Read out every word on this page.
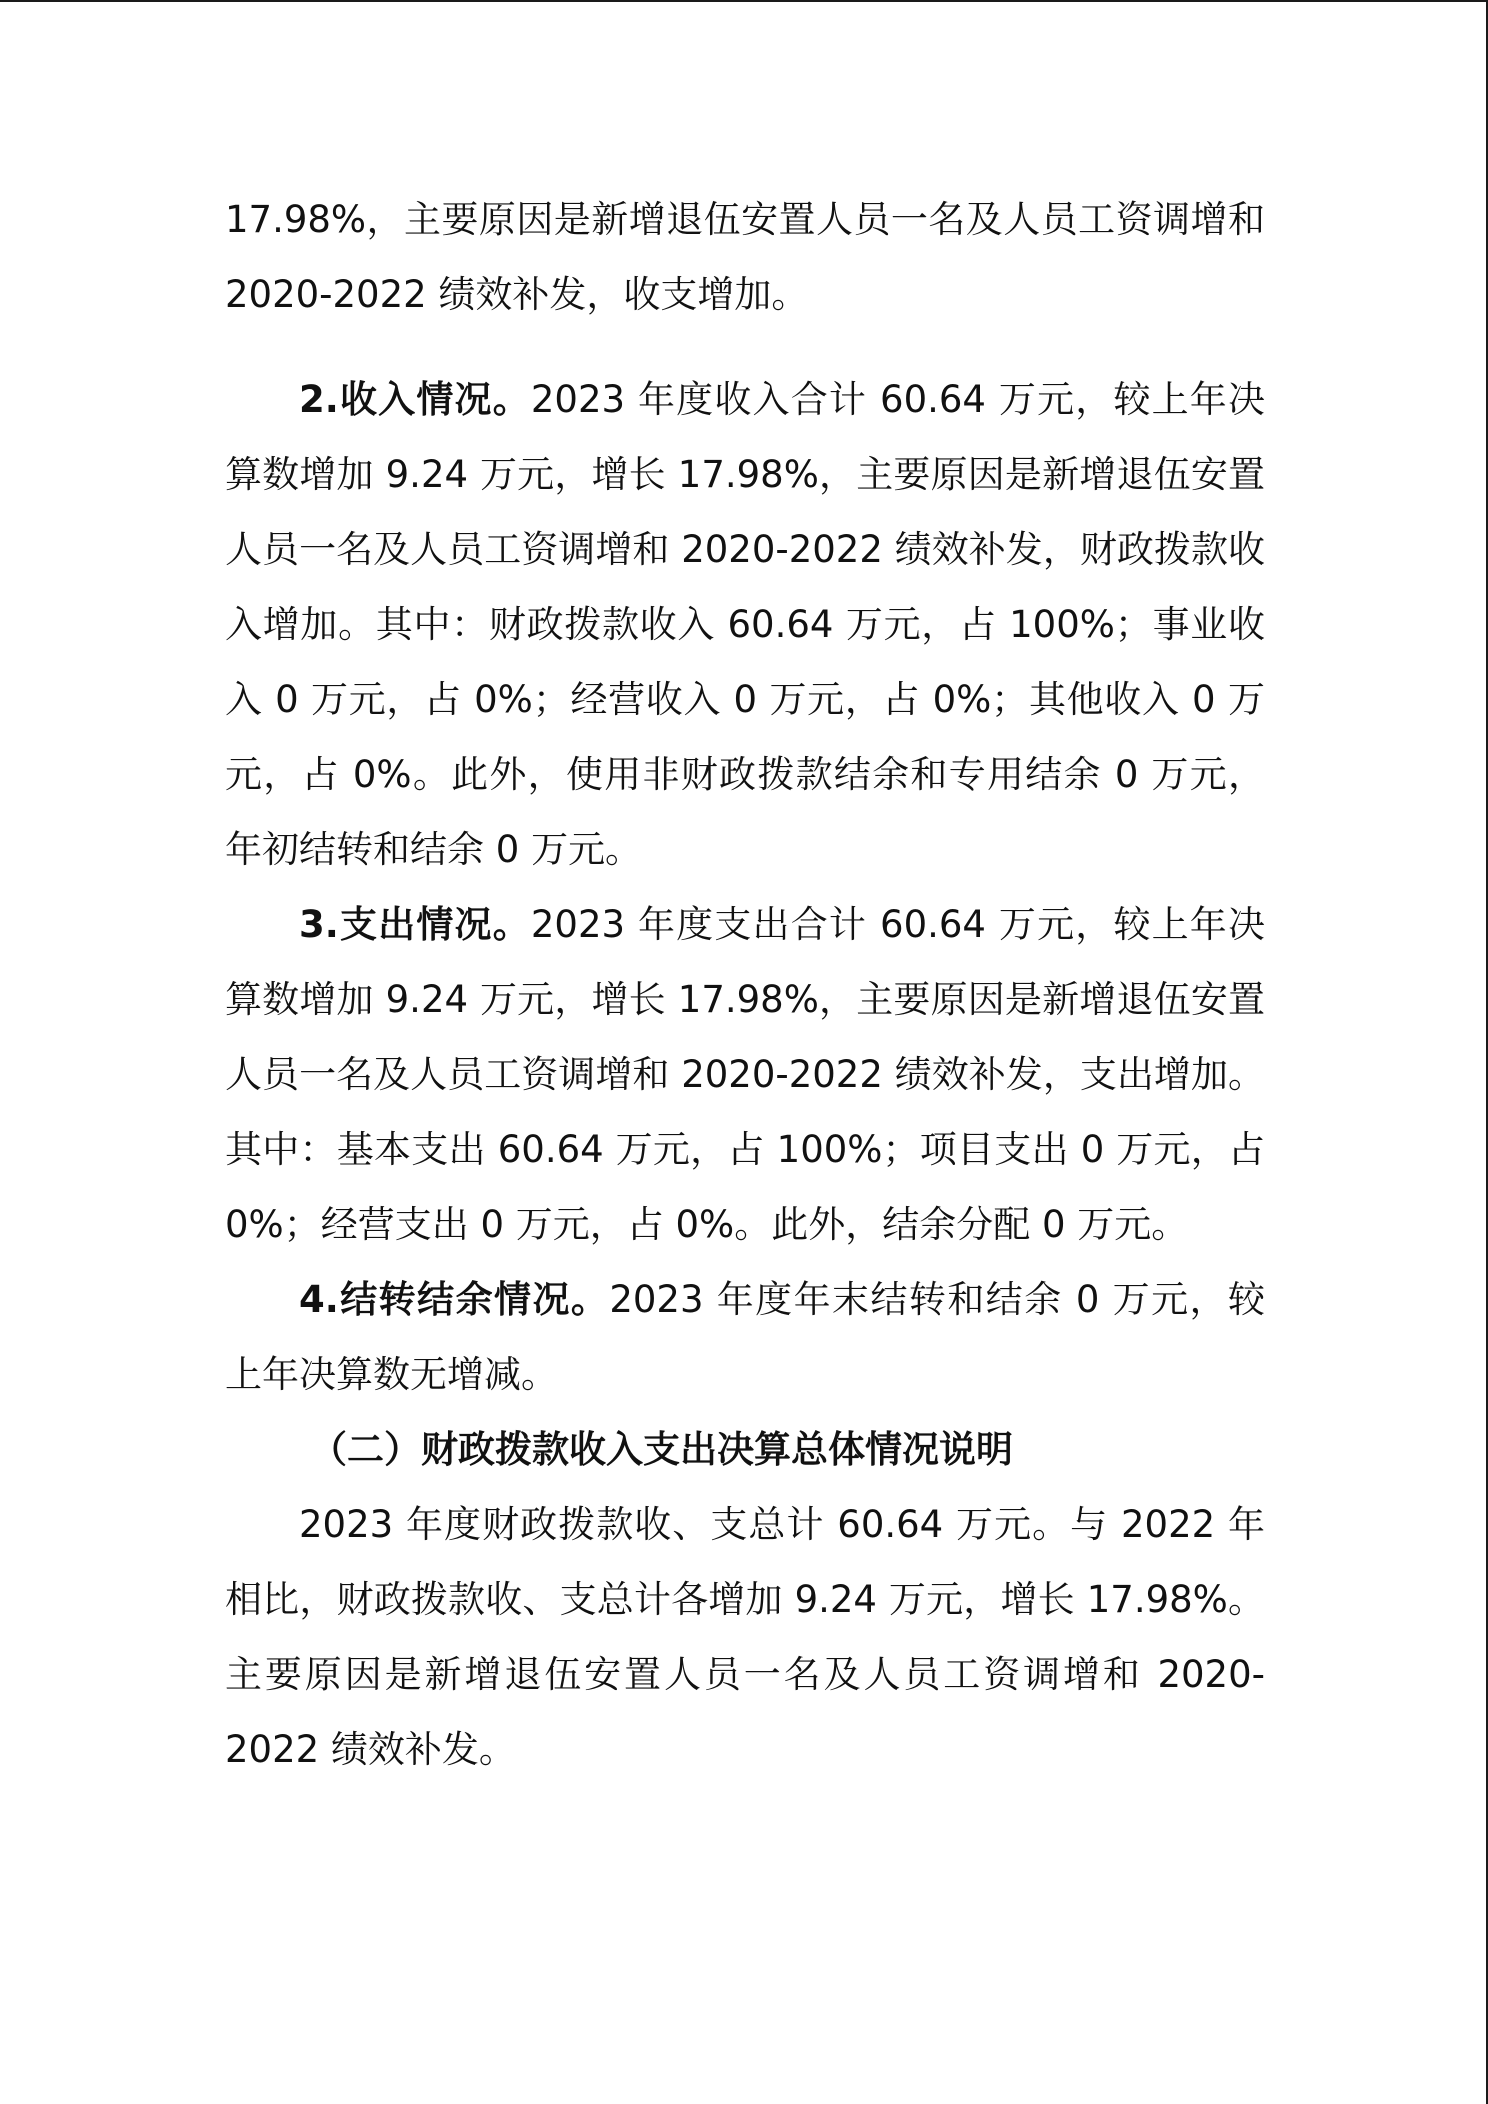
17.98%，主要原因是新增退伍安置人员一名及人员工资调增和 2020-2022 绩效补发，收支增加。

2.收入情况。2023 年度收入合计 60.64 万元，较上年决算数增加 9.24 万元，增长 17.98%，主要原因是新增退伍安置人员一名及人员工资调增和 2020-2022 绩效补发，财政拨款收入增加。其中：财政拨款收入 60.64 万元，占 100%；事业收入 0 万元，占 0%；经营收入 0 万元，占 0%；其他收入 0 万元，占 0%。此外，使用非财政拨款结余和专用结余 0 万元，年初结转和结余 0 万元。

3.支出情况。2023 年度支出合计 60.64 万元，较上年决算数增加 9.24 万元，增长 17.98%，主要原因是新增退伍安置人员一名及人员工资调增和 2020-2022 绩效补发，支出增加。其中：基本支出 60.64 万元，占 100%；项目支出 0 万元，占 0%；经营支出 0 万元，占 0%。此外，结余分配 0 万元。

4.结转结余情况。2023 年度年末结转和结余 0 万元，较上年决算数无增减。

（二）财政拨款收入支出决算总体情况说明

2023 年度财政拨款收、支总计 60.64 万元。与 2022 年相比，财政拨款收、支总计各增加 9.24 万元，增长 17.98%。主要原因是新增退伍安置人员一名及人员工资调增和 2020-2022 绩效补发。
